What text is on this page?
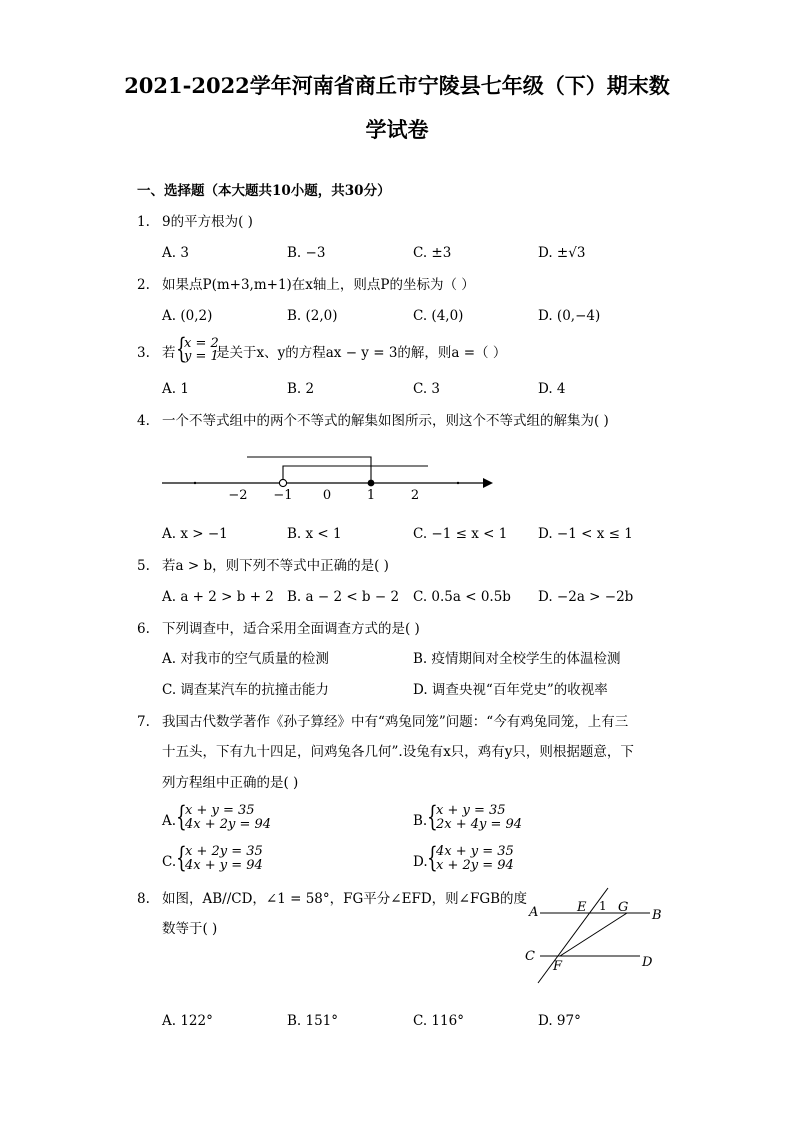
2021-2022学年河南省商丘市宁陵县七年级（下）期末数
学试卷
一、选择题（本大题共10小题，共30分）
1. 9的平方根为( )
A. 3	B. −3	C. ±3	D. ±√3
2. 如果点P(m+3,m+1)在x轴上，则点P的坐标为（ ）
A. (0,2)	B. (2,0)	C. (4,0)	D. (0,−4)
3. 若 {
x = 2
y = 1
是关于x、y的方程ax − y = 3的解，则a =（ ）
A. 1	B. 2	C. 3	D. 4
4. 一个不等式组中的两个不等式的解集如图所示，则这个不等式组的解集为( )
−2 −1 0	1	2
A. x > −1	B. x < 1	C. −1 ≤ x < 1 D. −1 < x ≤ 1
5. 若a > b，则下列不等式中正确的是( )
A. a + 2 > b + 2 B. a − 2 < b − 2 C. 0.5a < 0.5b D. −2a > −2b
6. 下列调查中，适合采用全面调查方式的是( )
A. 对我市的空气质量的检测	B. 疫情期间对全校学生的体温检测
C. 调查某汽车的抗撞击能力	D. 调查央视“百年党史”的收视率
7. 我国古代数学著作《孙子算经》中有“鸡兔同笼”问题：“今有鸡兔同笼，上有三
十五头，下有九十四足，问鸡兔各几何”.设兔有x只，鸡有y只，则根据题意，下
列方程组中正确的是( )
A. {
x + y = 35
4x + 2y = 94	B. {
x + y = 35
2x + 4y = 94
C. {
x + 2y = 35
4x + y = 94	D. {
4x + y = 35
x + 2y = 94
8. 如图，AB//CD，∠1 = 58°，FG平分∠EFD，则∠FGB的度
数等于( )
A	B
C	D
E
F
G
1
A. 122°	B. 151°	C. 116°	D. 97°
